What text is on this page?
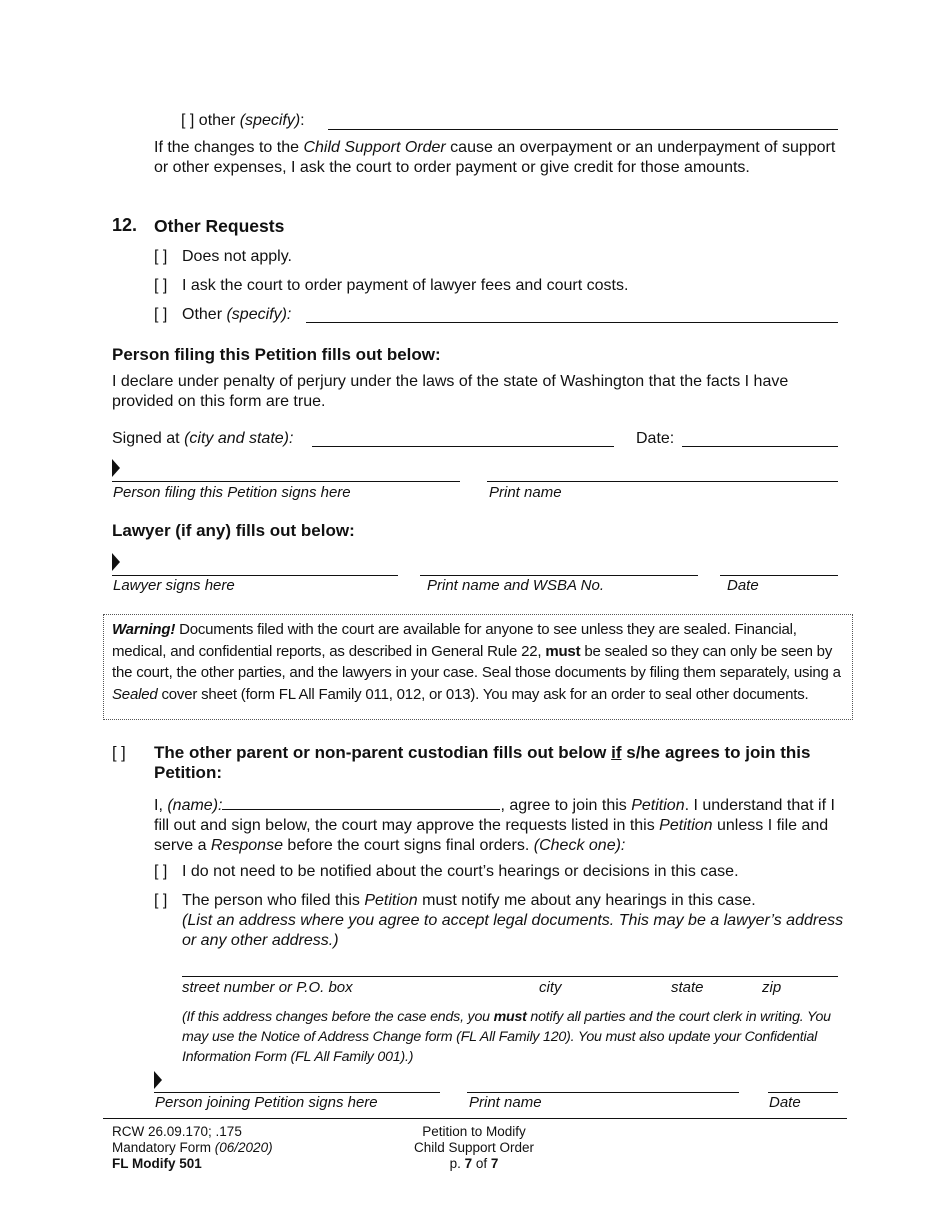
[ ] other (specify):
If the changes to the Child Support Order cause an overpayment or an underpayment of support or other expenses, I ask the court to order payment or give credit for those amounts.
12. Other Requests
[ ] Does not apply.
[ ] I ask the court to order payment of lawyer fees and court costs.
[ ] Other (specify):
Person filing this Petition fills out below:
I declare under penalty of perjury under the laws of the state of Washington that the facts I have provided on this form are true.
Signed at (city and state):	Date:
Person filing this Petition signs here	Print name
Lawyer (if any) fills out below:
Lawyer signs here	Print name and WSBA No.	Date
Warning! Documents filed with the court are available for anyone to see unless they are sealed. Financial, medical, and confidential reports, as described in General Rule 22, must be sealed so they can only be seen by the court, the other parties, and the lawyers in your case. Seal those documents by filing them separately, using a Sealed cover sheet (form FL All Family 011, 012, or 013). You may ask for an order to seal other documents.
[ ] The other parent or non-parent custodian fills out below if s/he agrees to join this Petition:
I, (name):	, agree to join this Petition. I understand that if I fill out and sign below, the court may approve the requests listed in this Petition unless I file and serve a Response before the court signs final orders. (Check one):
[ ] I do not need to be notified about the court’s hearings or decisions in this case.
[ ] The person who filed this Petition must notify me about any hearings in this case.
(List an address where you agree to accept legal documents. This may be a lawyer’s address or any other address.)
street number or P.O. box	city	state	zip
(If this address changes before the case ends, you must notify all parties and the court clerk in writing. You may use the Notice of Address Change form (FL All Family 120). You must also update your Confidential Information Form (FL All Family 001).)
Person joining Petition signs here	Print name	Date
RCW 26.09.170; .175
Mandatory Form (06/2020)
FL Modify 501
Petition to Modify
Child Support Order
p. 7 of 7
